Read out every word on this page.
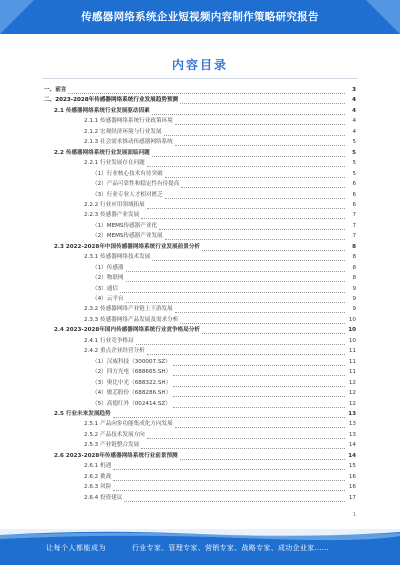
传感器网络系统企业短视频内容制作策略研究报告
内容目录
一、前言	3
二、2023-2028年传感器网络系统行业发展趋势预测	4
2.1 传感器网络系统行业发展驱动因素	4
2.1.1 传感器网络系统行业政策环境	4
2.1.2 宏观经济环境与行业发展	4
2.1.3 社会需求推动传感器网络系统	5
2.2 传感器网络系统行业发展面临问题	5
2.2.1 行业发展存在问题	5
（1）行业核心技术有待突破	5
（2）产品可靠性和稳定性有待提高	6
（3）行业专业人才相对匮乏	6
2.2.2 行业应用领域拓展	6
2.2.3 传感器产业发展	7
（1）MEMS传感器产业化	7
（2）MEMS传感器产业发展	7
2.3 2022-2028年中国传感器网络系统行业发展前景分析	8
2.3.1 传感器网络技术发展	8
（1）传感器	8
（2）物联网	8
（3）通信	9
（4）云平台	9
2.3.2 传感器网络产业链上下游发展	9
2.3.3 传感器网络产品发展及需求分析	10
2.4 2023-2028年国内传感器网络系统行业竞争格局分析	10
2.4.1 行业竞争格局	10
2.4.2 重点企业经营分析	11
（1）汉威科技（300007.SZ）	11
（2）四方光电（688665.SH）	11
（3）奥比中光（688322.SH）	12
（4）敏芯股份（688286.SH）	12
（5）高德红外（002414.SZ）	12
2.5 行业未来发展趋势	13
2.5.1 产品向多功能集成化方向发展	13
2.5.2 产品技术发展方向	13
2.5.3 产业链整合发展	14
2.6 2023-2028年传感器网络系统行业前景预测	14
2.6.1 机遇	15
2.6.2 挑战	16
2.6.3 风险	16
2.6.4 投资建议	17
1
让每个人都能成为	行业专家、管理专家、营销专家、战略专家、成功企业家……
